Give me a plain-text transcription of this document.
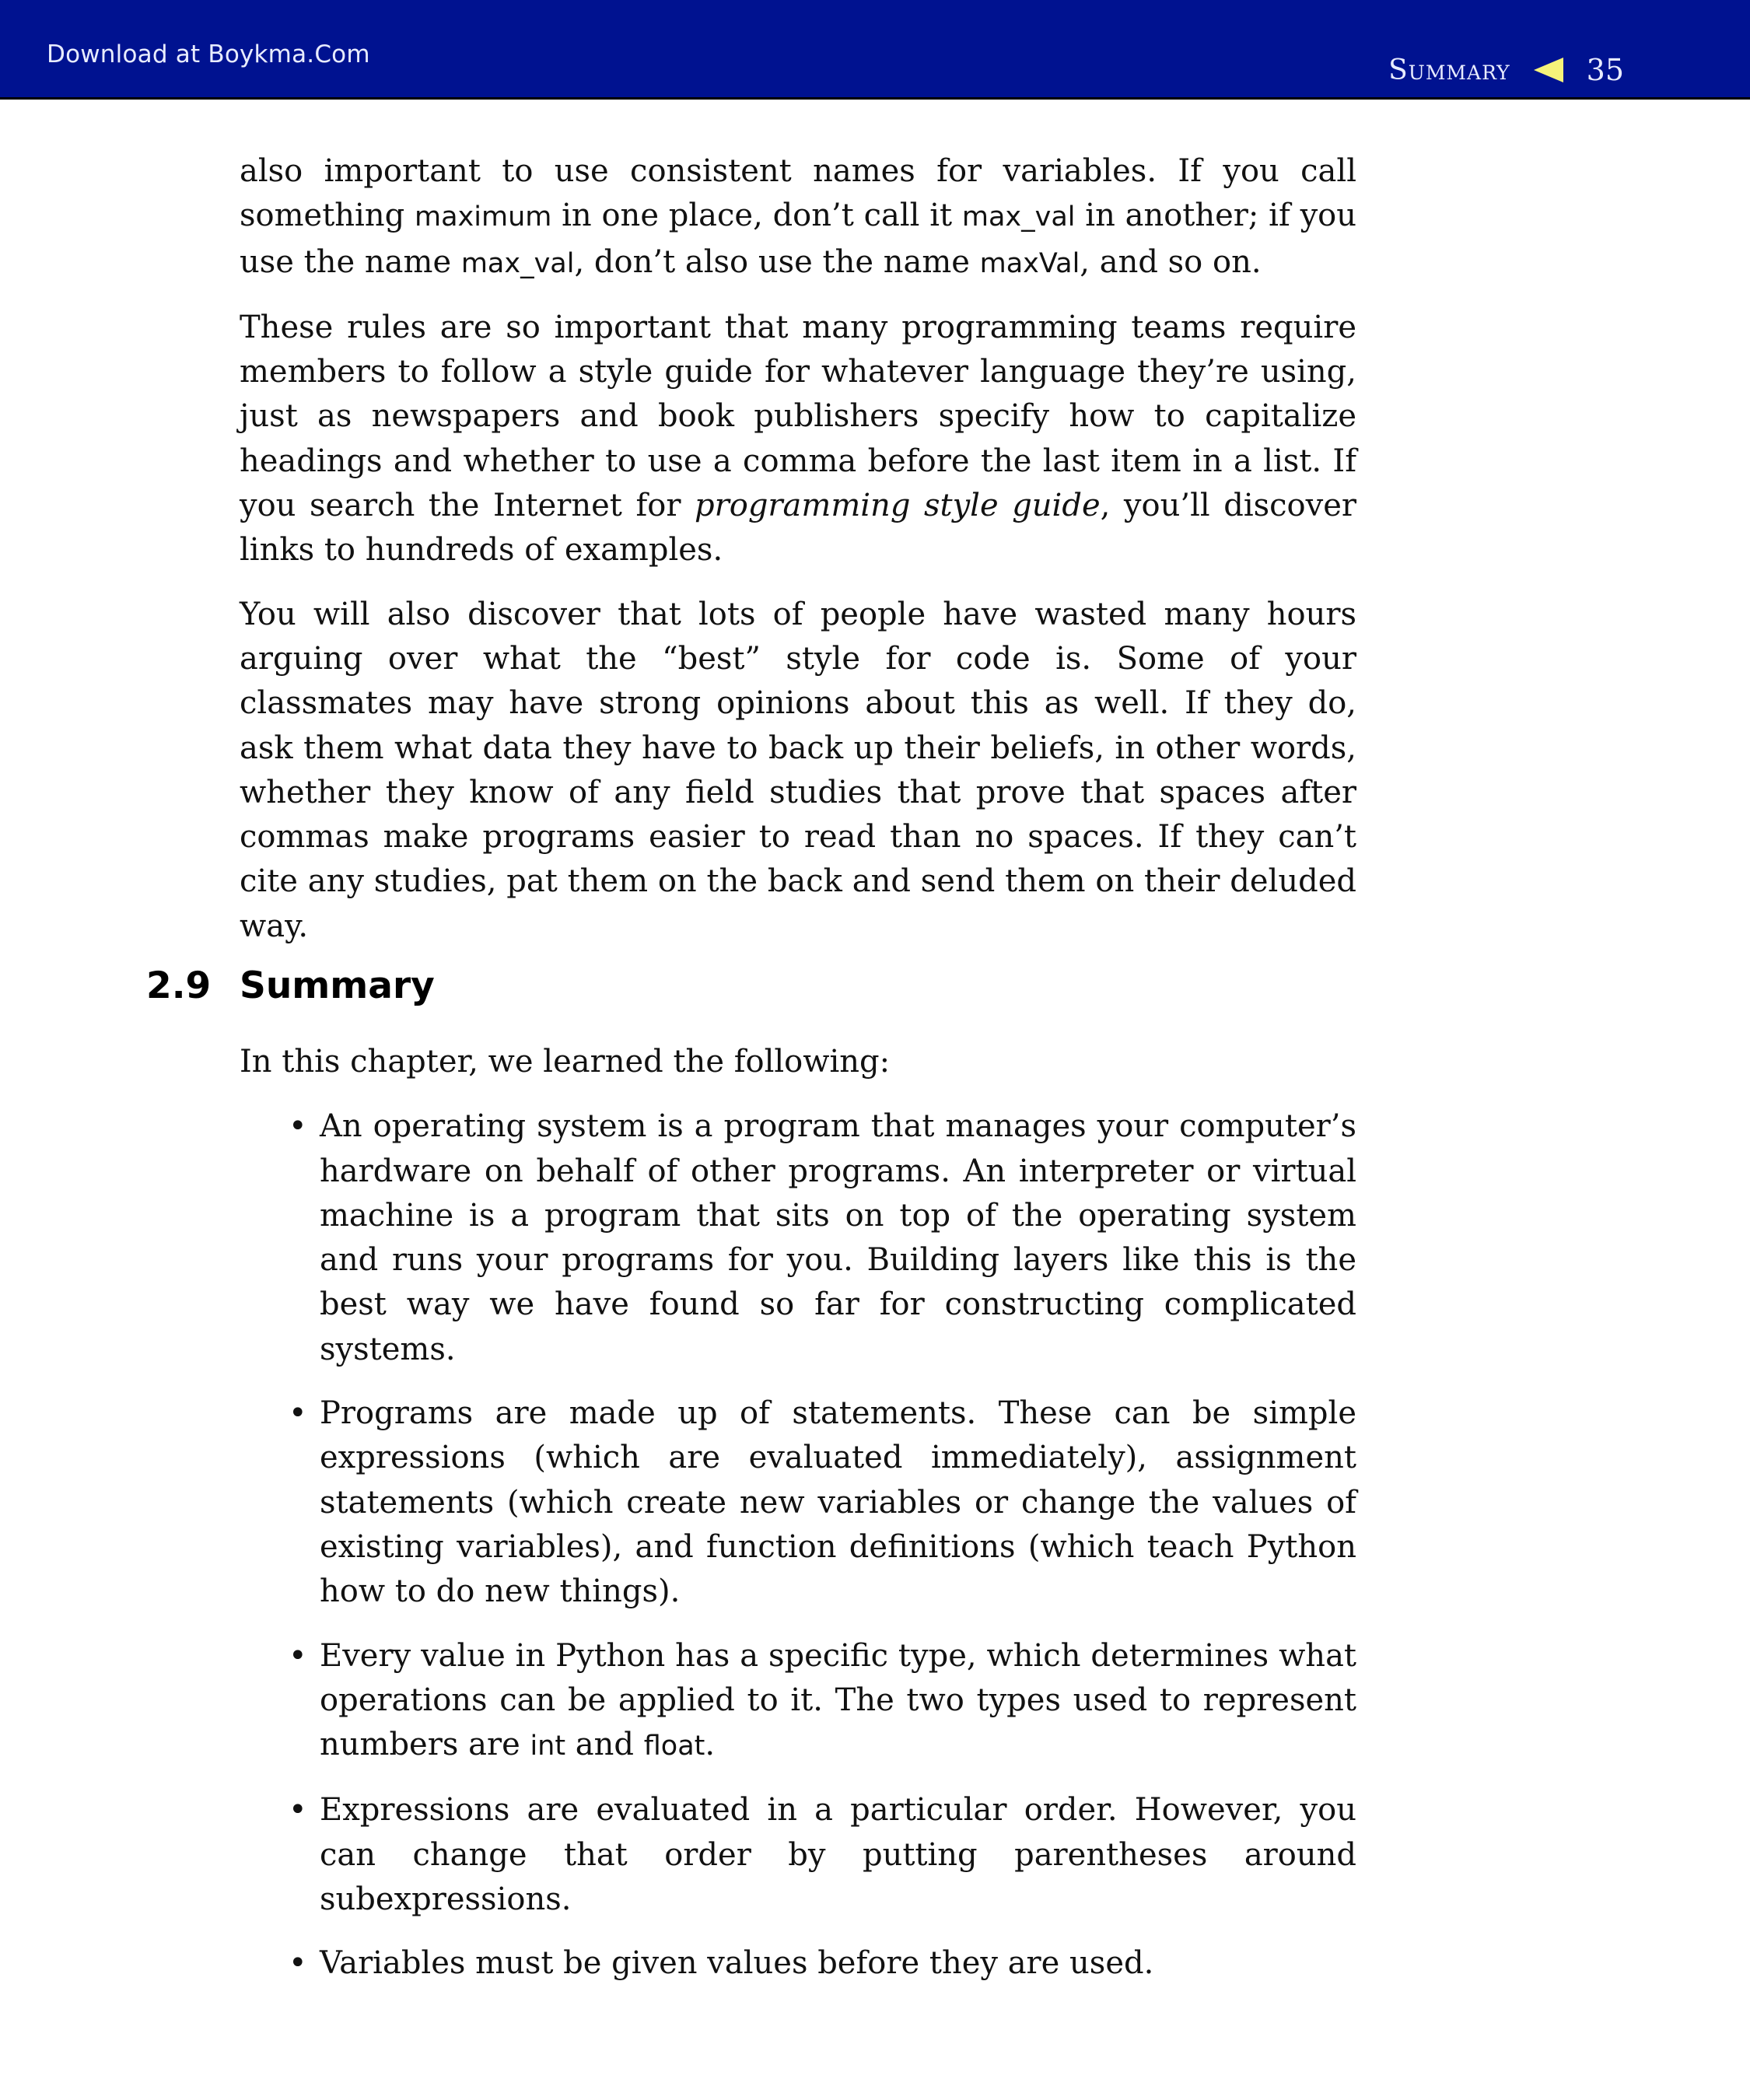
Download at Boykma.Com	Summary	35

also important to use consistent names for variables. If you call something maximum in one place, don’t call it max_val in another; if you use the name max_val, don’t also use the name maxVal, and so on.

These rules are so important that many programming teams require members to follow a style guide for whatever language they’re using, just as newspapers and book publishers specify how to capitalize headings and whether to use a comma before the last item in a list. If you search the Internet for programming style guide, you’ll discover links to hundreds of examples.

You will also discover that lots of people have wasted many hours arguing over what the “best” style for code is. Some of your classmates may have strong opinions about this as well. If they do, ask them what data they have to back up their beliefs, in other words, whether they know of any field studies that prove that spaces after commas make programs easier to read than no spaces. If they can’t cite any studies, pat them on the back and send them on their deluded way.

2.9 Summary

In this chapter, we learned the following:

• An operating system is a program that manages your computer’s hardware on behalf of other programs. An interpreter or virtual machine is a program that sits on top of the operating system and runs your programs for you. Building layers like this is the best way we have found so far for constructing complicated systems.
• Programs are made up of statements. These can be simple expressions (which are evaluated immediately), assignment statements (which create new variables or change the values of existing variables), and function definitions (which teach Python how to do new things).
• Every value in Python has a specific type, which determines what operations can be applied to it. The two types used to represent numbers are int and float.
• Expressions are evaluated in a particular order. However, you can change that order by putting parentheses around subexpressions.
• Variables must be given values before they are used.
